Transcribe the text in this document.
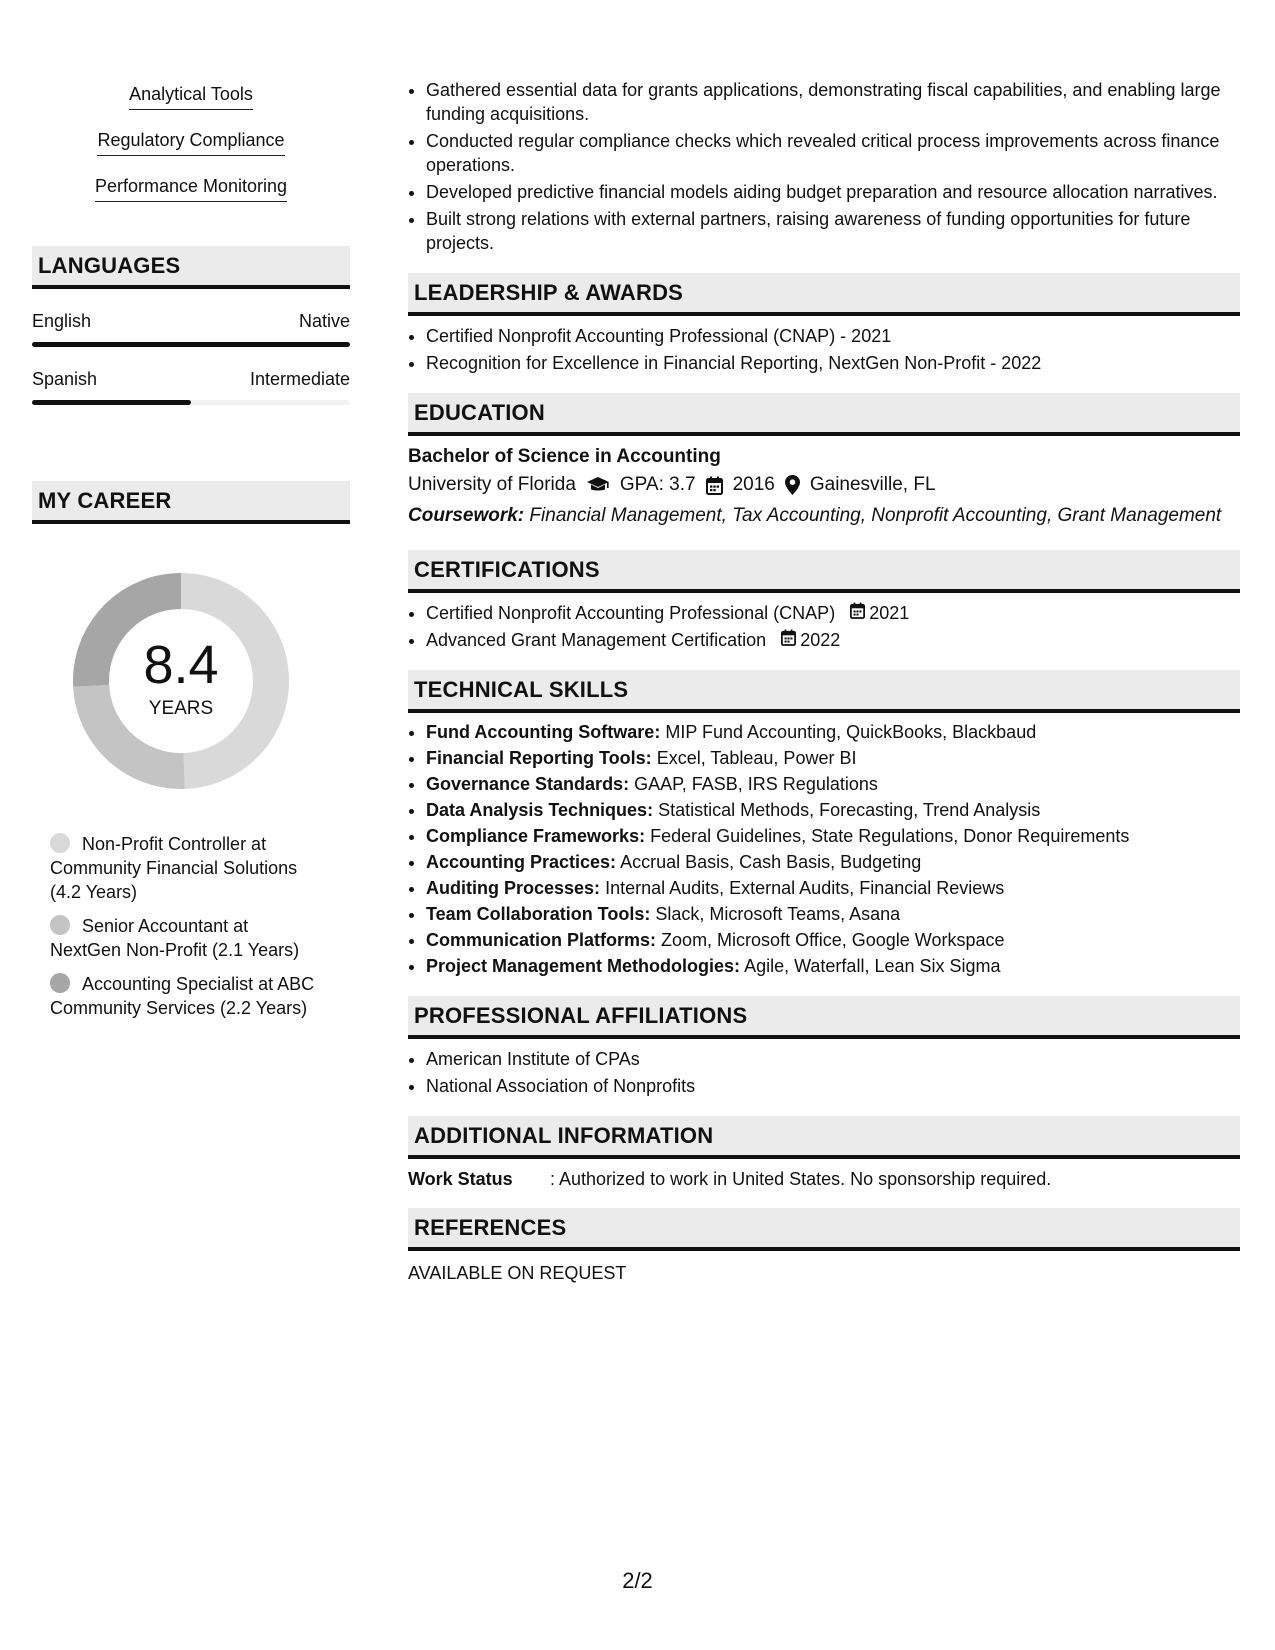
Analytical Tools
Regulatory Compliance
Performance Monitoring
LANGUAGES
English	Native
Spanish	Intermediate
MY CAREER
8.4
YEARS
Non-Profit Controller at Community Financial Solutions (4.2 Years)
Senior Accountant at NextGen Non-Profit (2.1 Years)
Accounting Specialist at ABC Community Services (2.2 Years)
• Gathered essential data for grants applications, demonstrating fiscal capabilities, and enabling large funding acquisitions.
• Conducted regular compliance checks which revealed critical process improvements across finance operations.
• Developed predictive financial models aiding budget preparation and resource allocation narratives.
• Built strong relations with external partners, raising awareness of funding opportunities for future projects.
LEADERSHIP & AWARDS
• Certified Nonprofit Accounting Professional (CNAP) - 2021
• Recognition for Excellence in Financial Reporting, NextGen Non-Profit - 2022
EDUCATION
Bachelor of Science in Accounting
University of Florida GPA: 3.7 2016 Gainesville, FL
Coursework: Financial Management, Tax Accounting, Nonprofit Accounting, Grant Management
CERTIFICATIONS
• Certified Nonprofit Accounting Professional (CNAP) 2021
• Advanced Grant Management Certification 2022
TECHNICAL SKILLS
• Fund Accounting Software: MIP Fund Accounting, QuickBooks, Blackbaud
• Financial Reporting Tools: Excel, Tableau, Power BI
• Governance Standards: GAAP, FASB, IRS Regulations
• Data Analysis Techniques: Statistical Methods, Forecasting, Trend Analysis
• Compliance Frameworks: Federal Guidelines, State Regulations, Donor Requirements
• Accounting Practices: Accrual Basis, Cash Basis, Budgeting
• Auditing Processes: Internal Audits, External Audits, Financial Reviews
• Team Collaboration Tools: Slack, Microsoft Teams, Asana
• Communication Platforms: Zoom, Microsoft Office, Google Workspace
• Project Management Methodologies: Agile, Waterfall, Lean Six Sigma
PROFESSIONAL AFFILIATIONS
• American Institute of CPAs
• National Association of Nonprofits
ADDITIONAL INFORMATION
Work Status	: Authorized to work in United States. No sponsorship required.
REFERENCES
AVAILABLE ON REQUEST
2/2
